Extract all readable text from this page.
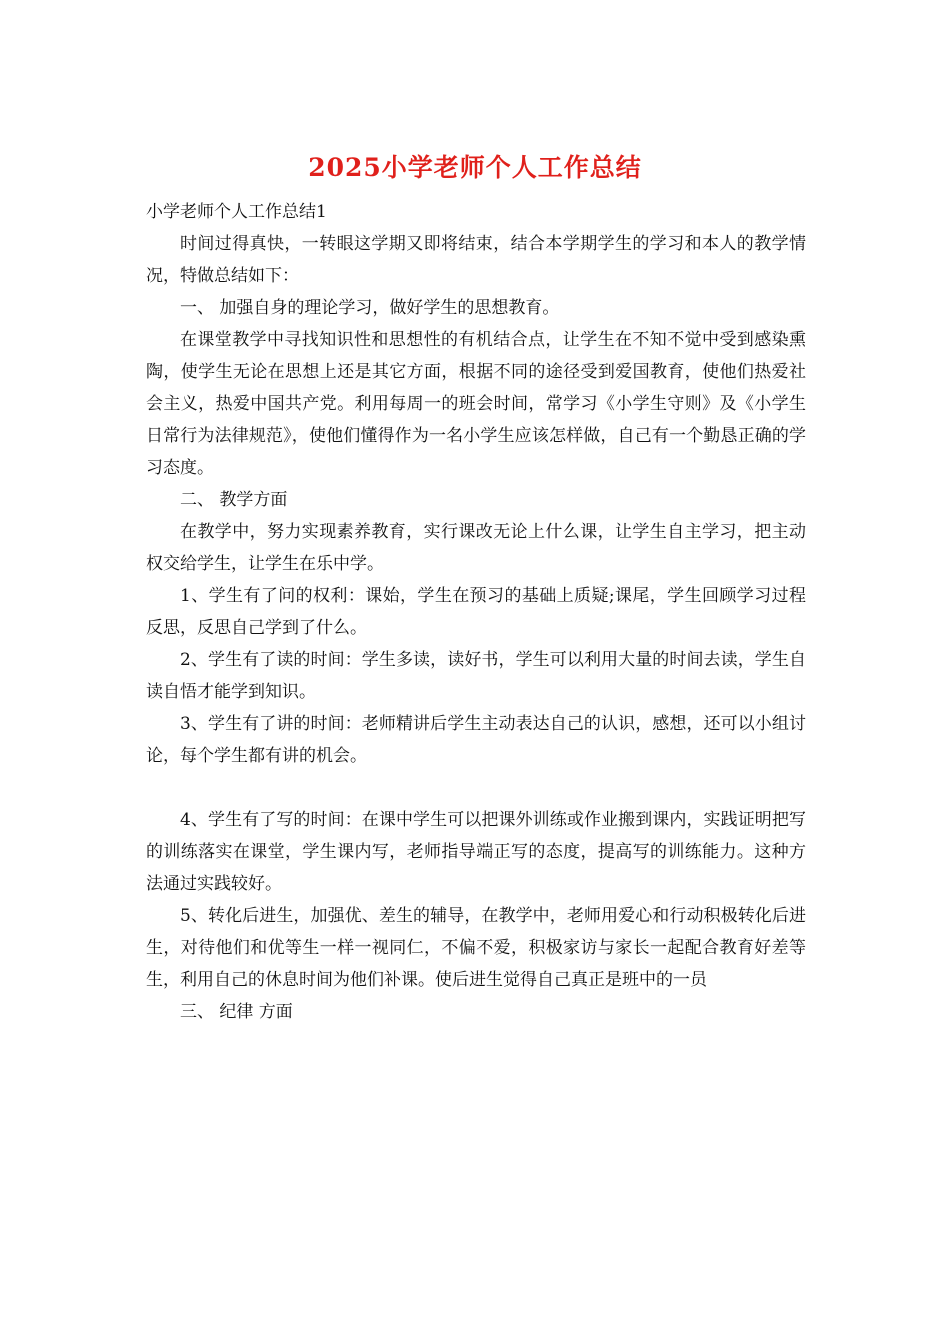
2025小学老师个人工作总结

小学老师个人工作总结1

时间过得真快，一转眼这学期又即将结束，结合本学期学生的学习和本人的教学情况，特做总结如下：

一、 加强自身的理论学习，做好学生的思想教育。

在课堂教学中寻找知识性和思想性的有机结合点，让学生在不知不觉中受到感染熏陶，使学生无论在思想上还是其它方面，根据不同的途径受到爱国教育，使他们热爱社会主义，热爱中国共产党。利用每周一的班会时间，常学习《小学生守则》及《小学生日常行为法律规范》，使他们懂得作为一名小学生应该怎样做，自己有一个勤恳正确的学习态度。

二、 教学方面

在教学中，努力实现素养教育，实行课改无论上什么课，让学生自主学习，把主动权交给学生，让学生在乐中学。

1、学生有了问的权利：课始，学生在预习的基础上质疑;课尾，学生回顾学习过程反思，反思自己学到了什么。

2、学生有了读的时间：学生多读，读好书，学生可以利用大量的时间去读，学生自读自悟才能学到知识。

3、学生有了讲的时间：老师精讲后学生主动表达自己的认识，感想，还可以小组讨论，每个学生都有讲的机会。

4、学生有了写的时间：在课中学生可以把课外训练或作业搬到课内，实践证明把写的训练落实在课堂，学生课内写，老师指导端正写的态度，提高写的训练能力。这种方法通过实践较好。

5、转化后进生，加强优、差生的辅导，在教学中，老师用爱心和行动积极转化后进生，对待他们和优等生一样一视同仁，不偏不爱，积极家访与家长一起配合教育好差等生，利用自己的休息时间为他们补课。使后进生觉得自己真正是班中的一员

三、 纪律 方面
